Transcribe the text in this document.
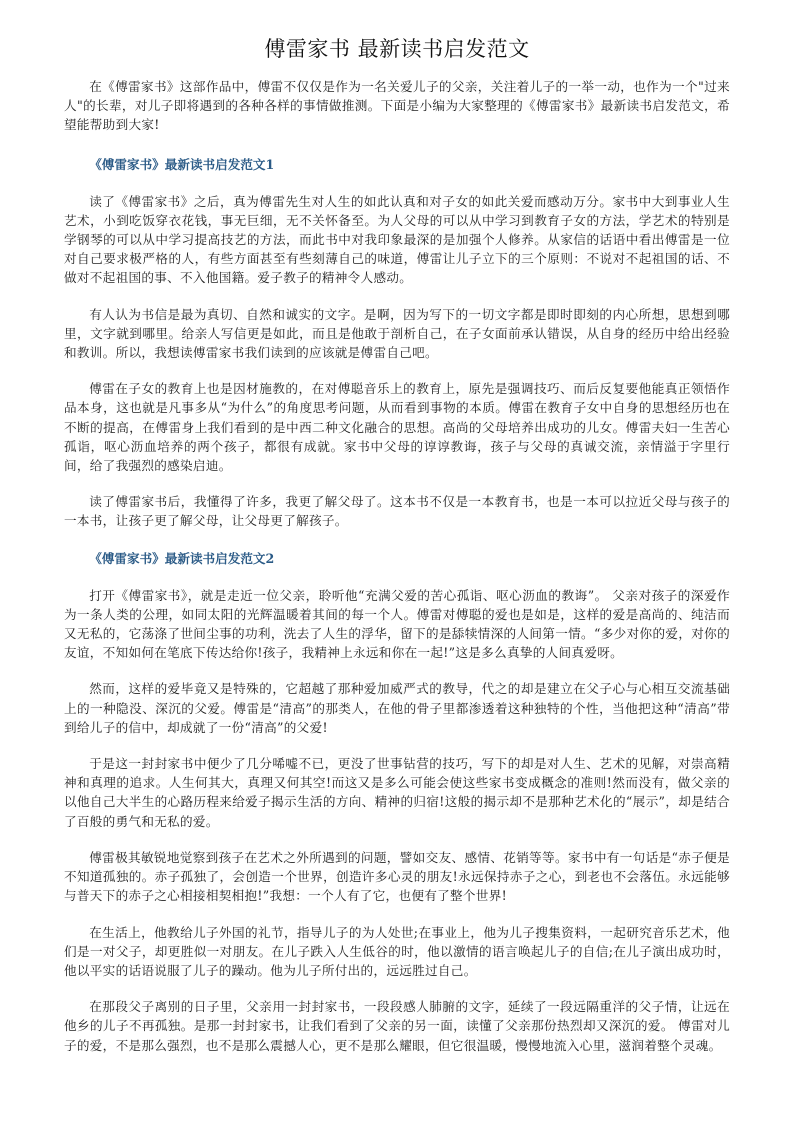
傅雷家书 最新读书启发范文

在《傅雷家书》这部作品中，傅雷不仅仅是作为一名关爱儿子的父亲，关注着儿子的一举一动，也作为一个"过来人"的长辈，对儿子即将遇到的各种各样的事情做推测。下面是小编为大家整理的《傅雷家书》最新读书启发范文，希望能帮助到大家!

《傅雷家书》最新读书启发范文1

读了《傅雷家书》之后，真为傅雷先生对人生的如此认真和对子女的如此关爱而感动万分。家书中大到事业人生艺术，小到吃饭穿衣花钱，事无巨细，无不关怀备至。为人父母的可以从中学习到教育子女的方法，学艺术的特别是学钢琴的可以从中学习提高技艺的方法，而此书中对我印象最深的是加强个人修养。从家信的话语中看出傅雷是一位对自己要求极严格的人，有些方面甚至有些刻薄自己的味道，傅雷让儿子立下的三个原则：不说对不起祖国的话、不做对不起祖国的事、不入他国籍。爱子教子的精神令人感动。

有人认为书信是最为真切、自然和诚实的文字。是啊，因为写下的一切文字都是即时即刻的内心所想，思想到哪里，文字就到哪里。给亲人写信更是如此，而且是他敢于剖析自己，在子女面前承认错误，从自身的经历中给出经验和教训。所以，我想读傅雷家书我们读到的应该就是傅雷自己吧。

傅雷在子女的教育上也是因材施教的，在对傅聪音乐上的教育上，原先是强调技巧、而后反复要他能真正领悟作品本身，这也就是凡事多从“为什么”的角度思考问题，从而看到事物的本质。傅雷在教育子女中自身的思想经历也在不断的提高，在傅雷身上我们看到的是中西二种文化融合的思想。高尚的父母培养出成功的儿女。傅雷夫妇一生苦心孤诣，呕心沥血培养的两个孩子，都很有成就。家书中父母的谆谆教诲，孩子与父母的真诚交流，亲情溢于字里行间，给了我强烈的感染启迪。

读了傅雷家书后，我懂得了许多，我更了解父母了。这本书不仅是一本教育书，也是一本可以拉近父母与孩子的一本书，让孩子更了解父母，让父母更了解孩子。

《傅雷家书》最新读书启发范文2

打开《傅雷家书》，就是走近一位父亲，聆听他“充满父爱的苦心孤诣、呕心沥血的教诲”。 父亲对孩子的深爱作为一条人类的公理，如同太阳的光辉温暖着其间的每一个人。傅雷对傅聪的爱也是如是，这样的爱是高尚的、纯洁而又无私的，它荡涤了世间尘事的功利，洗去了人生的浮华，留下的是舔犊情深的人间第一情。“多少对你的爱，对你的友谊，不知如何在笔底下传达给你!孩子，我精神上永远和你在一起!”这是多么真挚的人间真爱呀。

然而，这样的爱毕竟又是特殊的，它超越了那种爱加威严式的教导，代之的却是建立在父子心与心相互交流基础上的一种隐没、深沉的父爱。傅雷是“清高”的那类人，在他的骨子里都渗透着这种独特的个性，当他把这种“清高”带到给儿子的信中，却成就了一份“清高”的父爱!

于是这一封封家书中便少了几分唏嘘不已，更没了世事钻营的技巧，写下的却是对人生、艺术的见解，对崇高精神和真理的追求。人生何其大，真理又何其空!而这又是多么可能会使这些家书变成概念的准则!然而没有，做父亲的以他自己大半生的心路历程来给爱子揭示生活的方向、精神的归宿!这般的揭示却不是那种艺术化的“展示”，却是结合了百般的勇气和无私的爱。

傅雷极其敏锐地觉察到孩子在艺术之外所遇到的问题，譬如交友、感情、花销等等。家书中有一句话是“赤子便是不知道孤独的。赤子孤独了，会创造一个世界，创造许多心灵的朋友!永远保持赤子之心，到老也不会落伍。永远能够与普天下的赤子之心相接相契相抱!”我想：一个人有了它，也便有了整个世界!

在生活上，他教给儿子外国的礼节，指导儿子的为人处世;在事业上，他为儿子搜集资料，一起研究音乐艺术，他们是一对父子，却更胜似一对朋友。在儿子跌入人生低谷的时，他以激情的语言唤起儿子的自信;在儿子演出成功时，他以平实的话语说服了儿子的躁动。他为儿子所付出的，远远胜过自己。

在那段父子离别的日子里，父亲用一封封家书，一段段感人肺腑的文字，延续了一段远隔重洋的父子情，让远在他乡的儿子不再孤独。是那一封封家书，让我们看到了父亲的另一面，读懂了父亲那份热烈却又深沉的爱。 傅雷对儿子的爱，不是那么强烈，也不是那么震撼人心，更不是那么耀眼，但它很温暖，慢慢地流入心里，滋润着整个灵魂。
